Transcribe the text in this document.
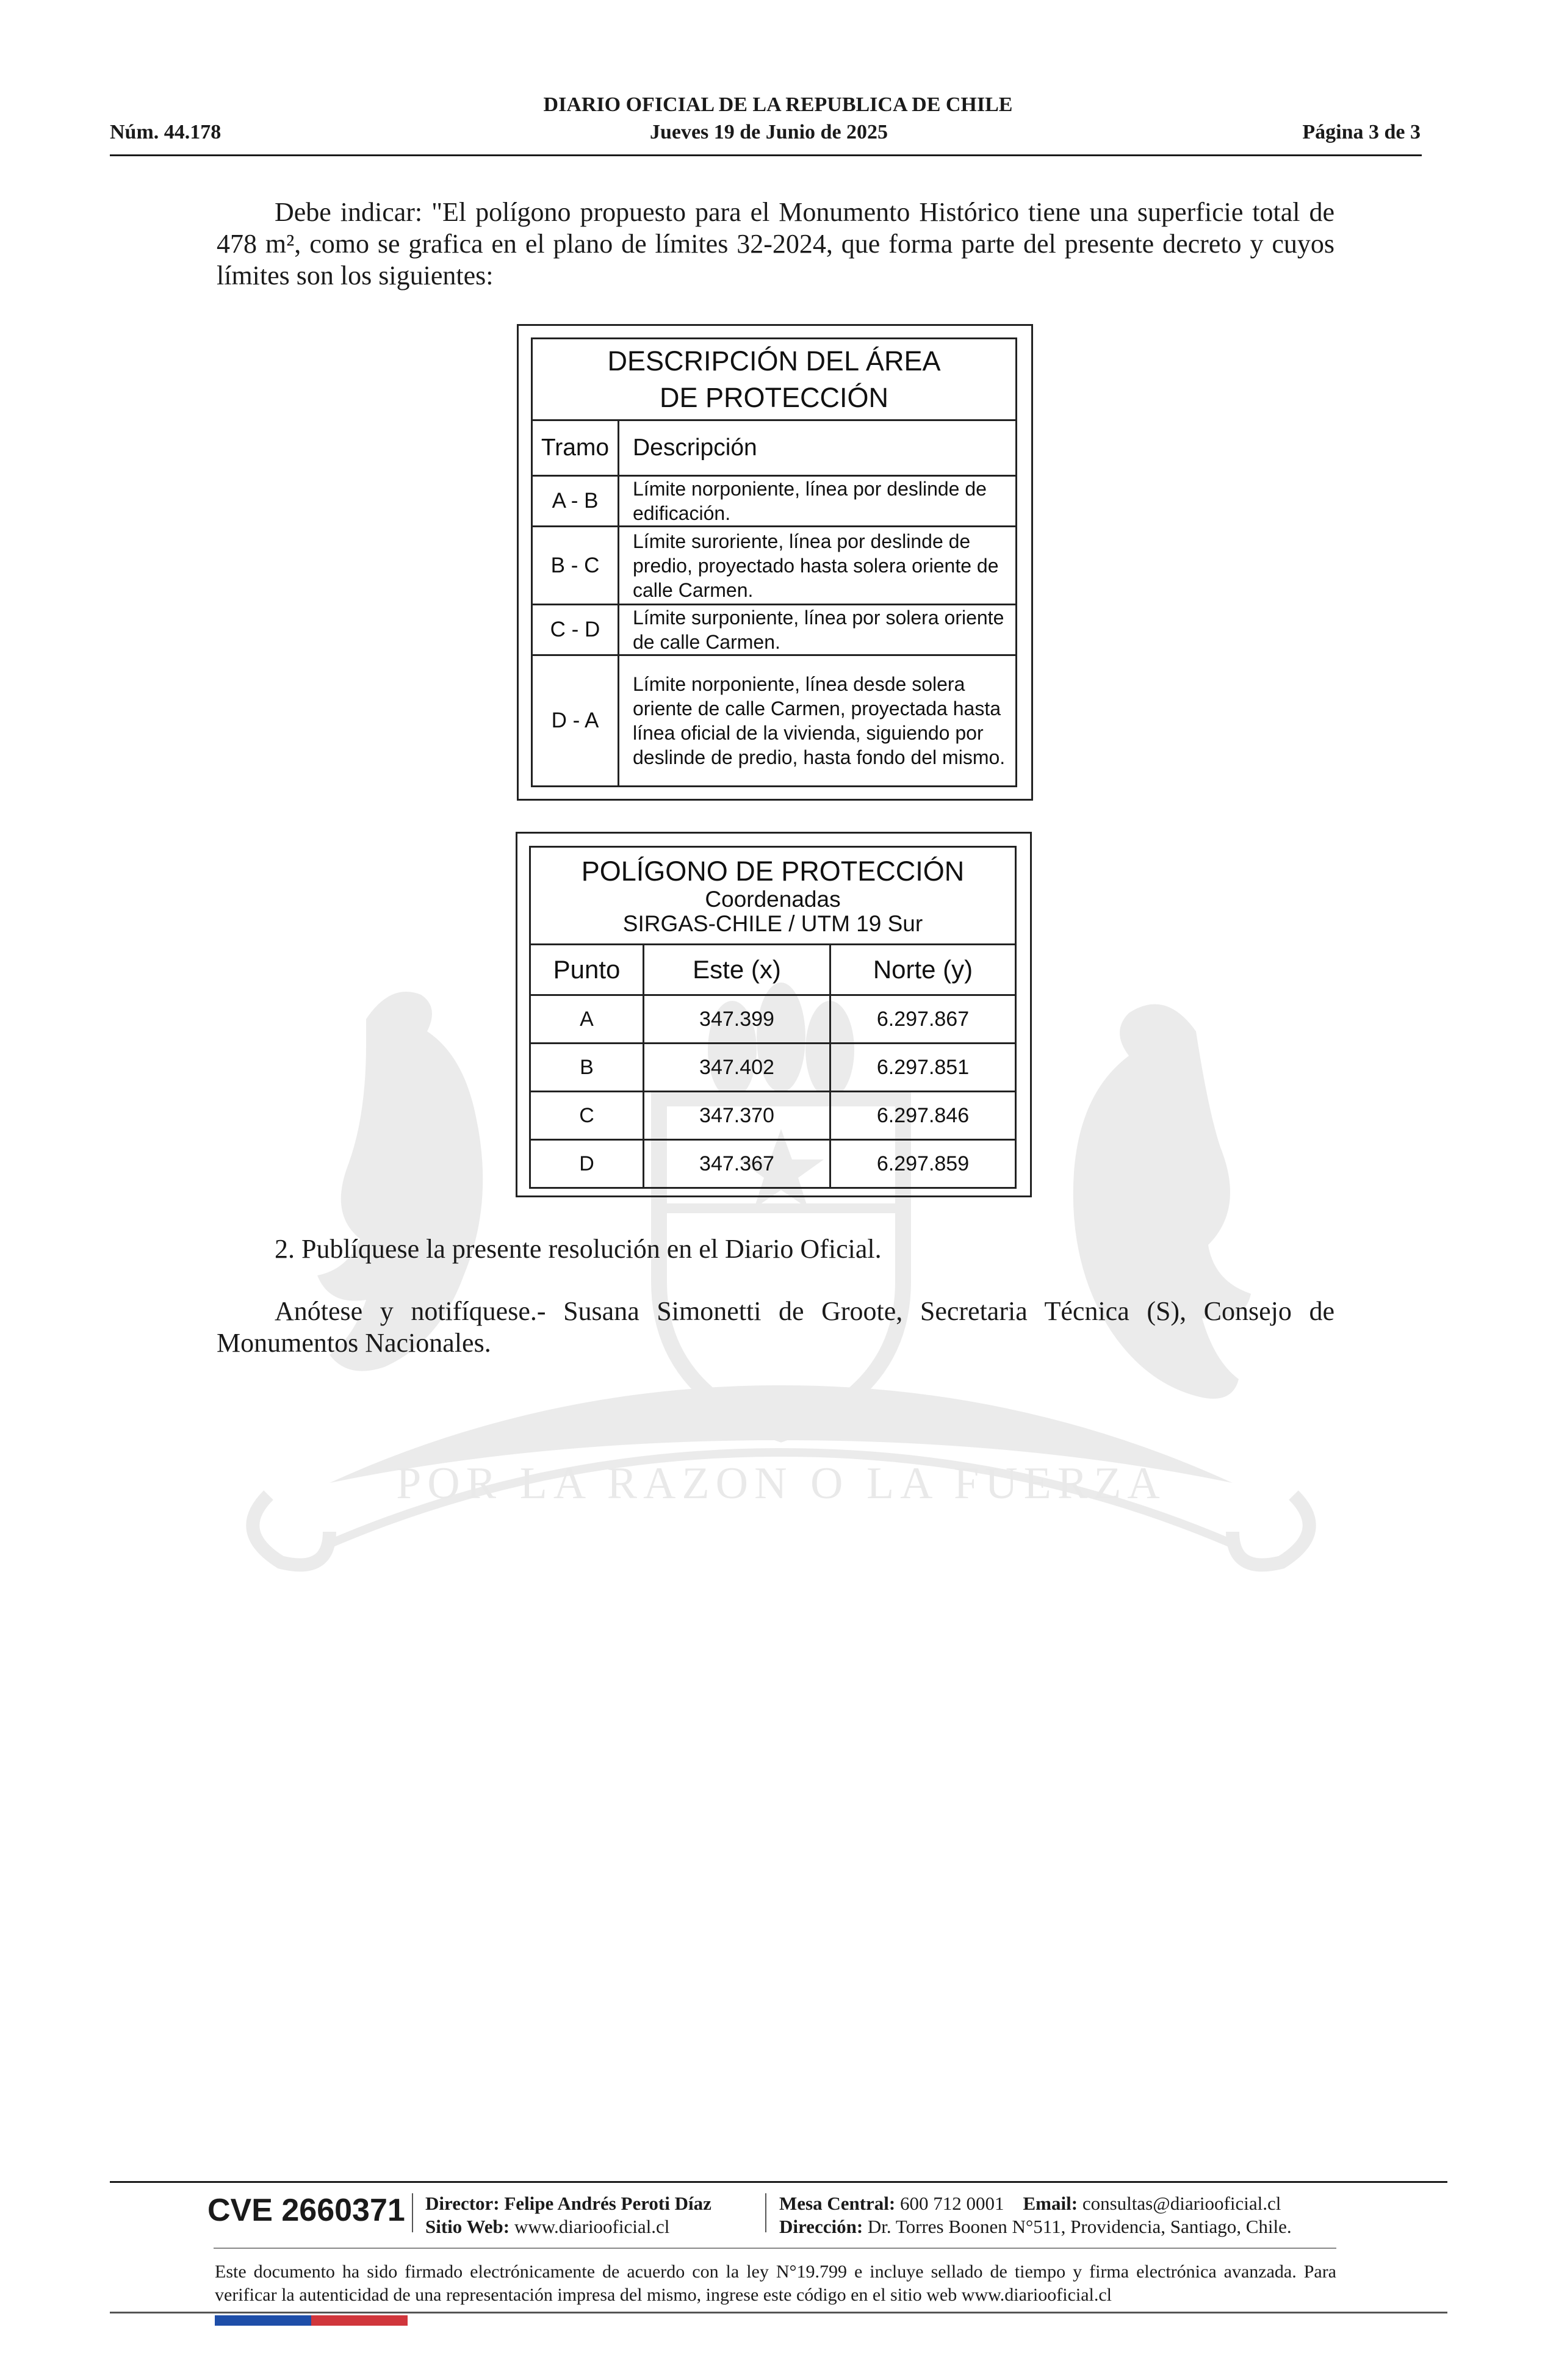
POR LA RAZON O LA FUERZA
DIARIO OFICIAL DE LA REPUBLICA DE CHILE
Núm. 44.178	Jueves 19 de Junio de 2025	Página 3 de 3
Debe indicar: "El polígono propuesto para el Monumento Histórico tiene una superficie total de 478 m², como se grafica en el plano de límites 32-2024, que forma parte del presente decreto y cuyos límites son los siguientes:
DESCRIPCIÓN DEL ÁREA
DE PROTECCIÓN	
Tramo	Descripción
A - B	Límite norponiente, línea por deslinde de edificación.
B - C	Límite suroriente, línea por deslinde de predio, proyectado hasta solera oriente de calle Carmen.
C - D	Límite surponiente, línea por solera oriente de calle Carmen.
D - A	Límite norponiente, línea desde solera oriente de calle Carmen, proyectada hasta línea oficial de la vivienda, siguiendo por deslinde de predio, hasta fondo del mismo.
POLÍGONO DE PROTECCIÓN
Coordenadas
SIRGAS-CHILE / UTM 19 Sur		

Punto	Este (x)	Norte (y)
A	347.399	6.297.867
B	347.402	6.297.851
C	347.370	6.297.846
D	347.367	6.297.859
2. Publíquese la presente resolución en el Diario Oficial.
Anótese y notifíquese.- Susana Simonetti de Groote, Secretaria Técnica (S), Consejo de Monumentos Nacionales.
CVE 2660371 Director: Felipe Andrés Peroti Díaz
Sitio Web: www.diariooficial.cl
Mesa Central: 600 712 0001 Email: consultas@diariooficial.cl
Dirección: Dr. Torres Boonen N°511, Providencia, Santiago, Chile.
Este documento ha sido firmado electrónicamente de acuerdo con la ley N°19.799 e incluye sellado de tiempo y firma electrónica avanzada. Para verificar la autenticidad de una representación impresa del mismo, ingrese este código en el sitio web www.diariooficial.cl
